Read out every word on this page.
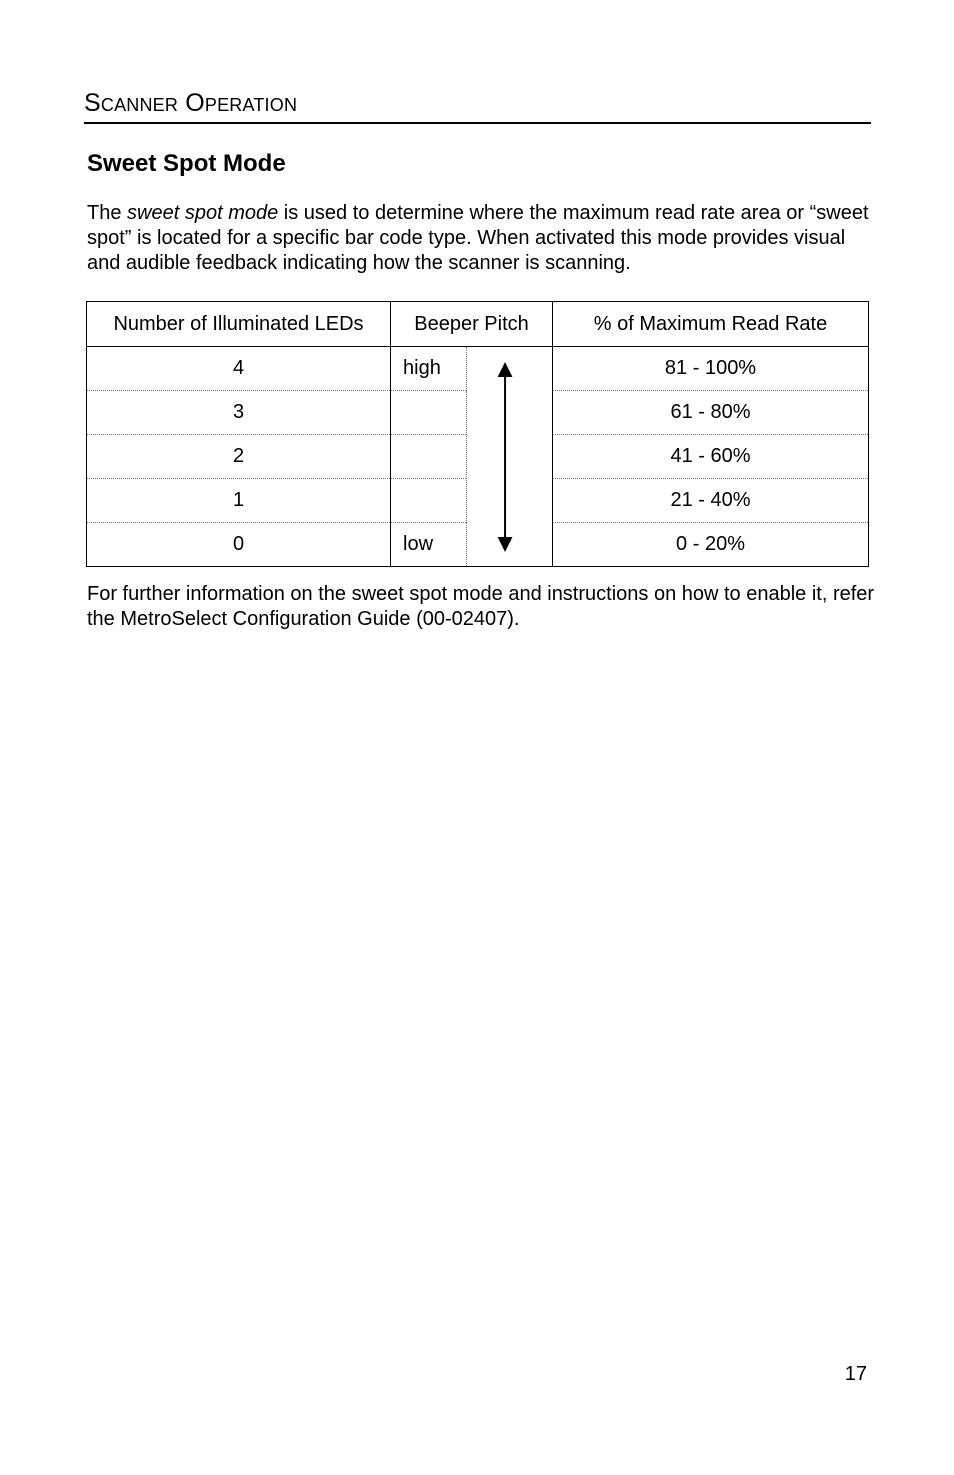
Scanner Operation
Sweet Spot Mode

The sweet spot mode is used to determine where the maximum read rate area or “sweet spot” is located for a specific bar code type. When activated this mode provides visual and audible feedback indicating how the scanner is scanning.

Number of Illuminated LEDs	Beeper Pitch		% of Maximum Read Rate
4	high		81 - 100%
3			61 - 80%
2			41 - 60%
1			21 - 40%
0	low		0 - 20%

For further information on the sweet spot mode and instructions on how to enable it, refer the MetroSelect Configuration Guide (00-02407).

17
